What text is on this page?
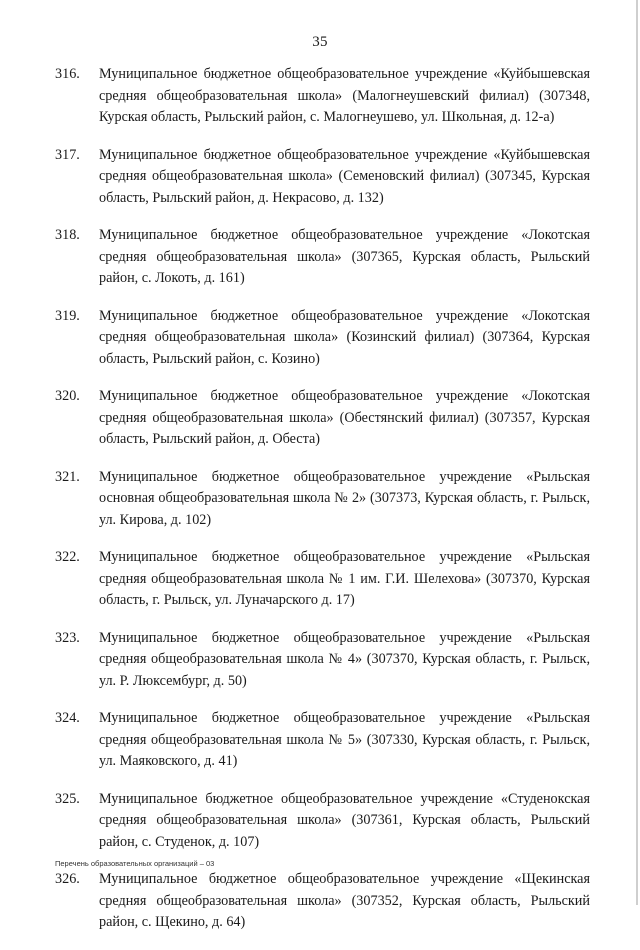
35
316.	Муниципальное бюджетное общеобразовательное учреждение «Куйбышевская средняя общеобразовательная школа» (Малогнеушевский филиал) (307348, Курская область, Рыльский район, с. Малогнеушево, ул. Школьная, д. 12-а)
317.	Муниципальное бюджетное общеобразовательное учреждение «Куйбышевская средняя общеобразовательная школа» (Семеновский филиал) (307345, Курская область, Рыльский район, д. Некрасово, д. 132)
318.	Муниципальное бюджетное общеобразовательное учреждение «Локотская средняя общеобразовательная школа» (307365, Курская область, Рыльский район, с. Локоть, д. 161)
319.	Муниципальное бюджетное общеобразовательное учреждение «Локотская средняя общеобразовательная школа» (Козинский филиал) (307364, Курская область, Рыльский район, с. Козино)
320.	Муниципальное бюджетное общеобразовательное учреждение «Локотская средняя общеобразовательная школа» (Обестянский филиал) (307357, Курская область, Рыльский район, д. Обеста)
321.	Муниципальное бюджетное общеобразовательное учреждение «Рыльская основная общеобразовательная школа № 2» (307373, Курская область, г. Рыльск, ул. Кирова, д. 102)
322.	Муниципальное бюджетное общеобразовательное учреждение «Рыльская средняя общеобразовательная школа № 1 им. Г.И. Шелехова» (307370, Курская область, г. Рыльск, ул. Луначарского д. 17)
323.	Муниципальное бюджетное общеобразовательное учреждение «Рыльская средняя общеобразовательная школа № 4» (307370, Курская область, г. Рыльск, ул. Р. Люксембург, д. 50)
324.	Муниципальное бюджетное общеобразовательное учреждение «Рыльская средняя общеобразовательная школа № 5» (307330, Курская область, г. Рыльск, ул. Маяковского, д. 41)
325.	Муниципальное бюджетное общеобразовательное учреждение «Студенокская средняя общеобразовательная школа» (307361, Курская область, Рыльский район, с. Студенок, д. 107)
326.	Муниципальное бюджетное общеобразовательное учреждение «Щекинская средняя общеобразовательная школа» (307352, Курская область, Рыльский район, с. Щекино, д. 64)
Перечень образовательных организаций – 03
